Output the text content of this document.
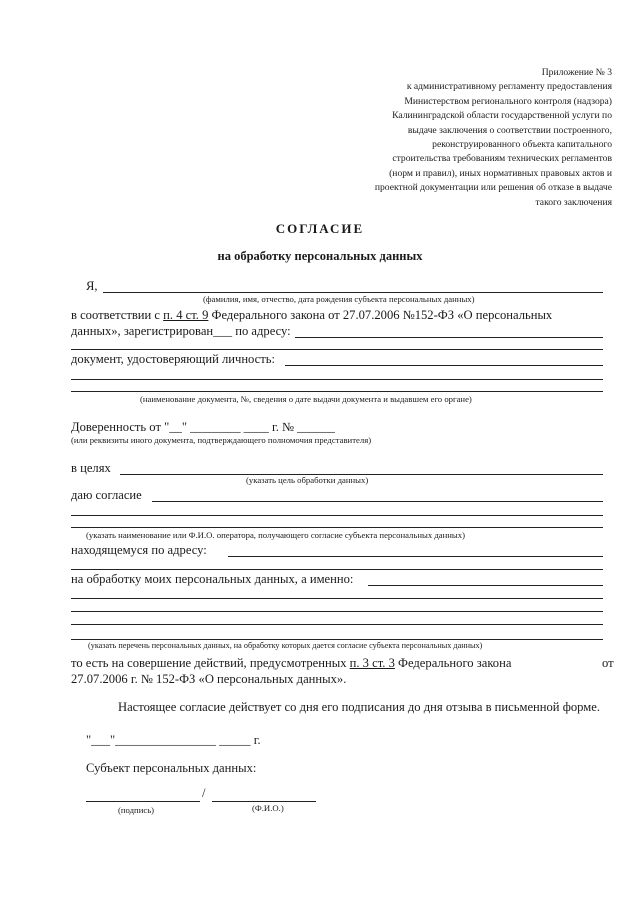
Приложение № 3
к административному регламенту предоставления
Министерством регионального контроля (надзора)
Калининградской области государственной услуги по
выдаче заключения о соответствии построенного,
реконструированного объекта капитального
строительства требованиям технических регламентов
(норм и правил), иных нормативных правовых актов и
проектной документации или решения об отказе в выдаче
такого заключения
СОГЛАСИЕ
на обработку персональных данных
Я,
(фамилия, имя, отчество, дата рождения субъекта персональных данных)
в соответствии с п. 4 ст. 9 Федерального закона от 27.07.2006 №152-ФЗ «О персональных
данных», зарегистрирован___ по адресу:
документ, удостоверяющий личность:
(наименование документа, №, сведения о дате выдачи документа и выдавшем его органе)
Доверенность от "__" ________ ____ г. № ______
(или реквизиты иного документа, подтверждающего полномочия представителя)
в целях
(указать цель обработки данных)
даю согласие
(указать наименование или Ф.И.О. оператора, получающего согласие субъекта персональных данных)
находящемуся по адресу:
на обработку моих персональных данных, а именно:
(указать перечень персональных данных, на обработку которых дается согласие субъекта персональных данных)
то есть на совершение действий, предусмотренных п. 3 ст. 3 Федерального закона	от
27.07.2006 г. № 152-ФЗ «О персональных данных».
Настоящее согласие действует со дня его подписания до дня отзыва в письменной форме.
"___"________________ _____ г.
Субъект персональных данных:
/
(подпись)	(Ф.И.О.)
